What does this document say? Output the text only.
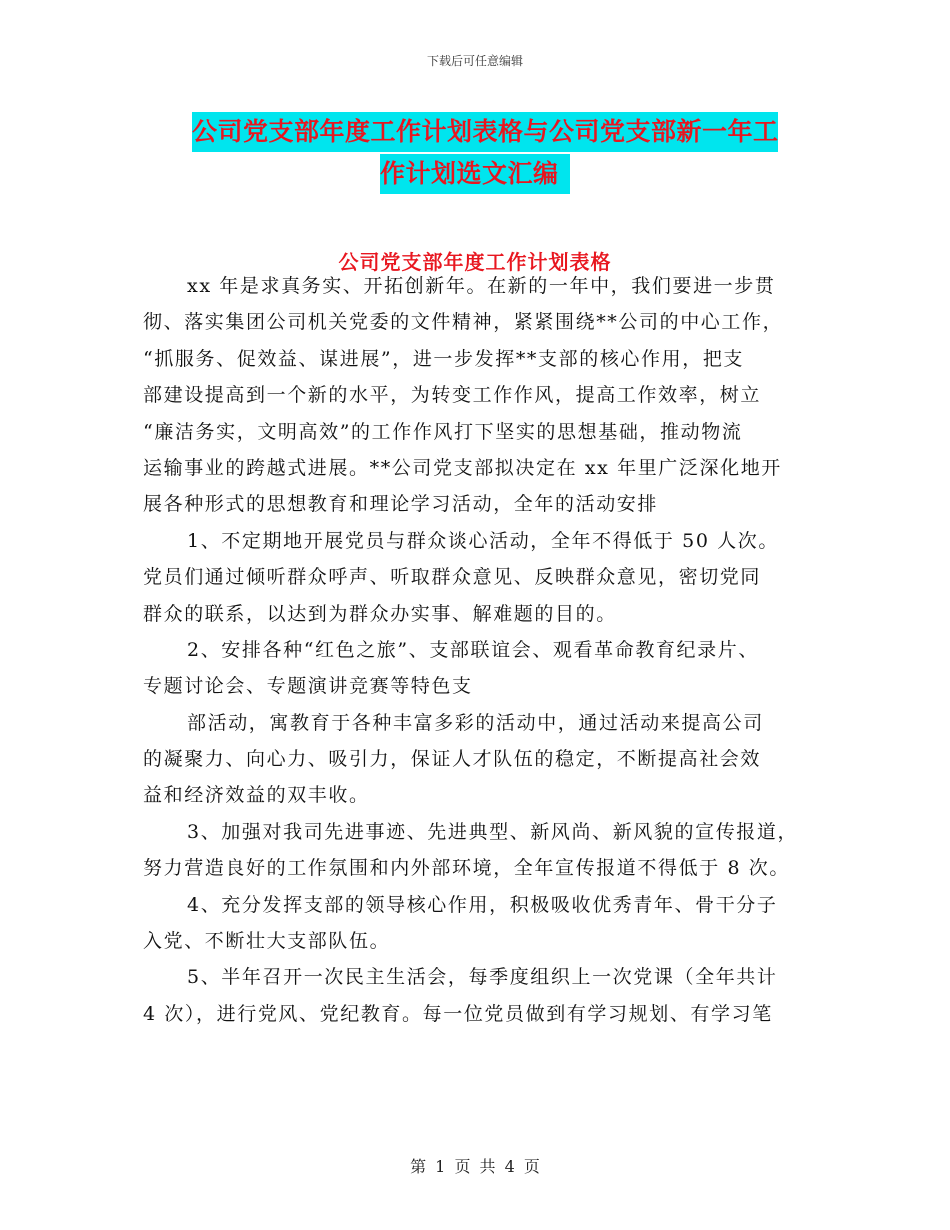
下载后可任意编辑
公司党支部年度工作计划表格与公司党支部新一年工
作计划选文汇编
公司党支部年度工作计划表格
xx 年是求真务实、开拓创新年。在新的一年中，我们要进一步贯
彻、落实集团公司机关党委的文件精神，紧紧围绕**公司的中心工作，
“抓服务、促效益、谋进展”，进一步发挥**支部的核心作用，把支
部建设提高到一个新的水平，为转变工作作风，提高工作效率，树立
“廉洁务实，文明高效”的工作作风打下坚实的思想基础，推动物流
运输事业的跨越式进展。**公司党支部拟决定在 xx 年里广泛深化地开
展各种形式的思想教育和理论学习活动，全年的活动安排
1、不定期地开展党员与群众谈心活动，全年不得低于 50 人次。
党员们通过倾听群众呼声、听取群众意见、反映群众意见，密切党同
群众的联系，以达到为群众办实事、解难题的目的。
2、安排各种“红色之旅”、支部联谊会、观看革命教育纪录片、
专题讨论会、专题演讲竞赛等特色支
部活动，寓教育于各种丰富多彩的活动中，通过活动来提高公司
的凝聚力、向心力、吸引力，保证人才队伍的稳定，不断提高社会效
益和经济效益的双丰收。
3、加强对我司先进事迹、先进典型、新风尚、新风貌的宣传报道，
努力营造良好的工作氛围和内外部环境，全年宣传报道不得低于 8 次。
4、充分发挥支部的领导核心作用，积极吸收优秀青年、骨干分子
入党、不断壮大支部队伍。
5、半年召开一次民主生活会，每季度组织上一次党课（全年共计
4 次），进行党风、党纪教育。每一位党员做到有学习规划、有学习笔
第 1 页 共 4 页
